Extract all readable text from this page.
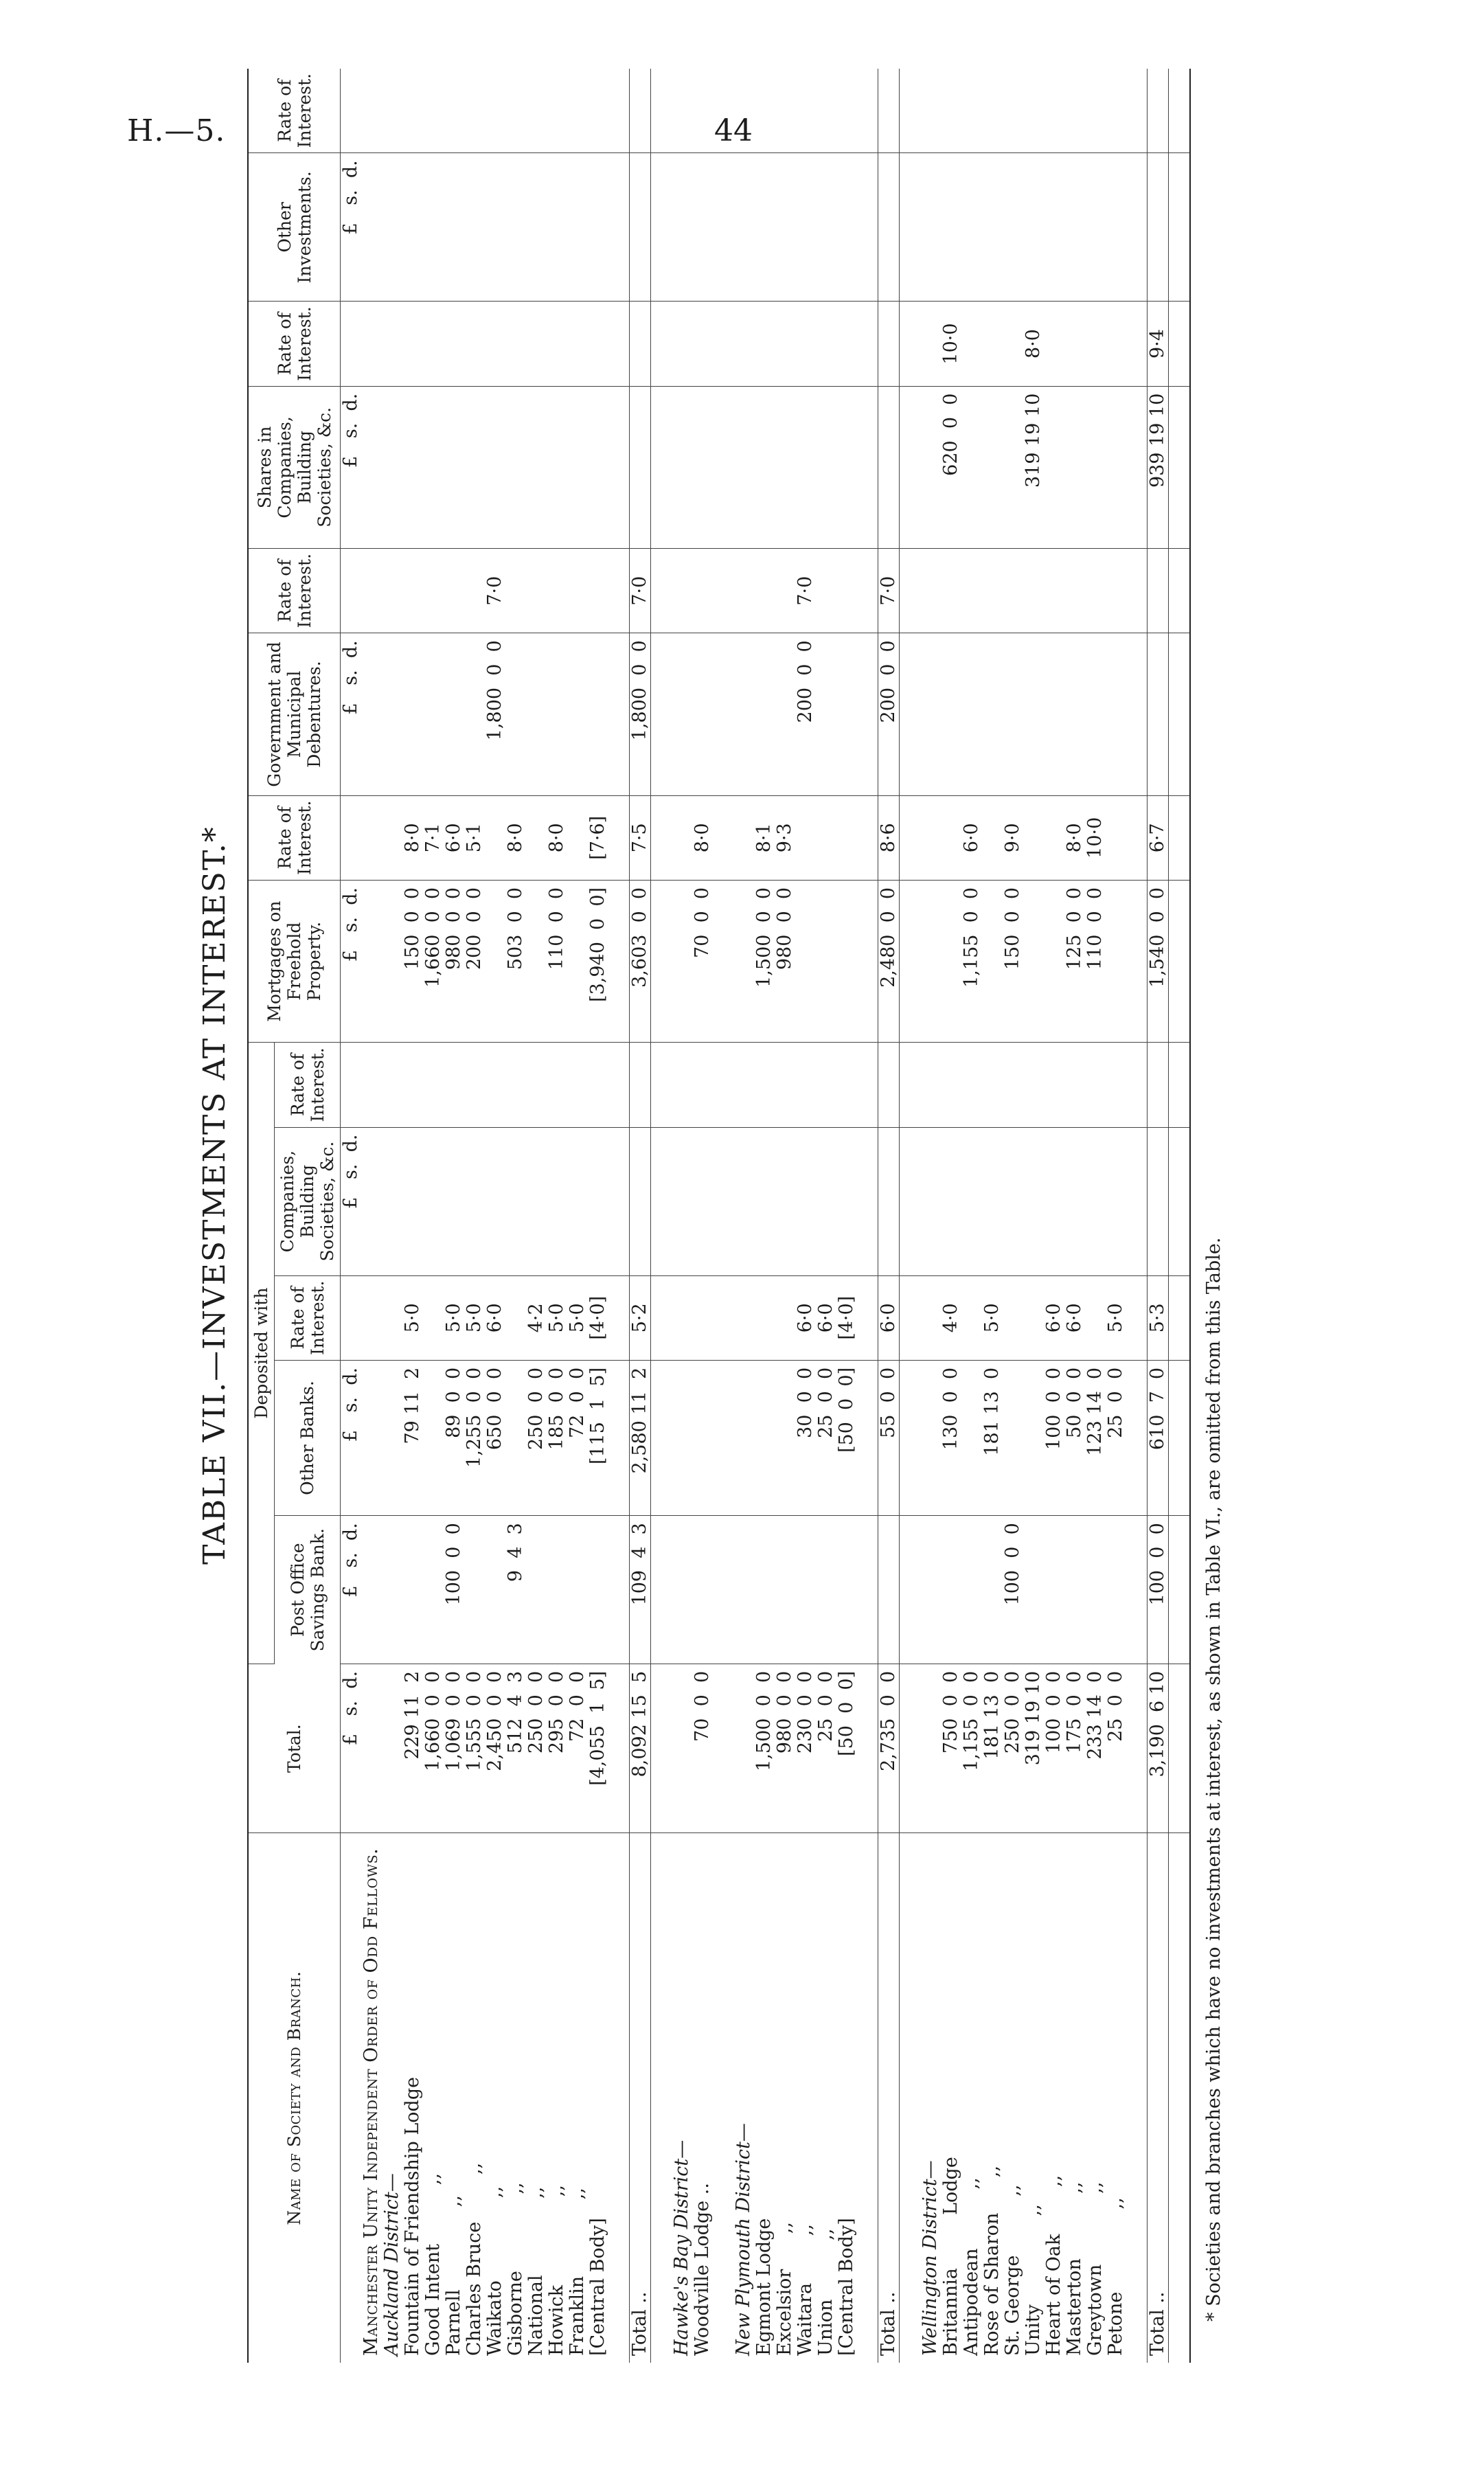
H.—5.	44
TABLE VII.—INVESTMENTS AT INTEREST.*
Name of Society and Branch.	Total.	Deposited with					Mortgages on Freehold Property.	Rate of Interest.	Government and Municipal Debentures.	Rate of Interest.	Shares in Companies, Building Societies, &c.	Rate of Interest.	Other Investments.	Rate of Interest.
		Post Office Savings Bank.	Other Banks.	Rate of Interest.	Companies, Building Societies, &c.	Rate of Interest.								
	£   s.  d.	£   s.  d.	£   s.  d.		£   s.  d.		£   s.  d.		£   s.  d.		£   s.  d.		£   s.  d.	
Manchester Unity Independent Order of Odd Fellows.														
Auckland District—														
Fountain of Friendship Lodge	229 11  2		79 11  2	5·0			150  0  0	8·0						
Good Intent          ,,	1,660  0  0						1,660  0  0	7·1						
Parnell              ,,	1,069  0  0	100  0  0	89  0  0	5·0			980  0  0	6·0						
Charles Bruce        ,,	1,555  0  0		1,255  0  0	5·0			200  0  0	5·1						
Waikato              ,,	2,450  0  0		650  0  0	6·0					1,800  0  0	7·0				
Gisborne             ,,	512  4  3	9  4  3					503  0  0	8·0						
National             ,,	250  0  0		250  0  0	4·2										
Howick               ,,	295  0  0		185  0  0	5·0			110  0  0	8·0						
Franklin             ,,	72  0  0		72  0  0	5·0										
[Central Body]	[4,055  1  5]		[115  1  5]	[4·0]			[3,940  0  0]	[7·6]						

Total ..	8,092 15  5	109  4  3	2,580 11  2	5·2			3,603  0  0	7·5	1,800  0  0	7·0				

Hawke's Bay District—														
Woodville Lodge ..	70  0  0						70  0  0	8·0						

New Plymouth District—														
Egmont Lodge	1,500  0  0						1,500  0  0	8·1						
Excelsior      ,,	980  0  0						980  0  0	9·3						
Waitara        ,,	230  0  0		30  0  0	6·0					200  0  0	7·0				
Union          ,,	25  0  0		25  0  0	6·0										
[Central Body]	[50  0  0]		[50  0  0]	[4·0]										

Total ..	2,735  0  0		55  0  0	6·0			2,480  0  0	8·6	200  0  0	7·0				

Wellington District—														
Britannia         Lodge	750  0  0		130  0  0	4·0							620  0  0	10·0		
Antipodean          ,,	1,155  0  0						1,155  0  0	6·0						
Rose of Sharon      ,,	181 13  0		181 13  0	5·0										
St. George          ,,	250  0  0	100  0  0					150  0  0	9·0						
Unity               ,,	319 19 10										319 19 10	8·0		
Heart of Oak        ,,	100  0  0		100  0  0	6·0										
Masterton           ,,	175  0  0		50  0  0	6·0			125  0  0	8·0						
Greytown            ,,	233 14  0		123 14  0				110  0  0	10·0						
Petone              ,,	25  0  0		25  0  0	5·0										

Total ..	3,190  6 10	100  0  0	610  7  0	5·3			1,540  0  0	6·7			939 19 10	9·4		

* Societies and branches which have no investments at interest, as shown in Table VI., are omitted from this Table.
